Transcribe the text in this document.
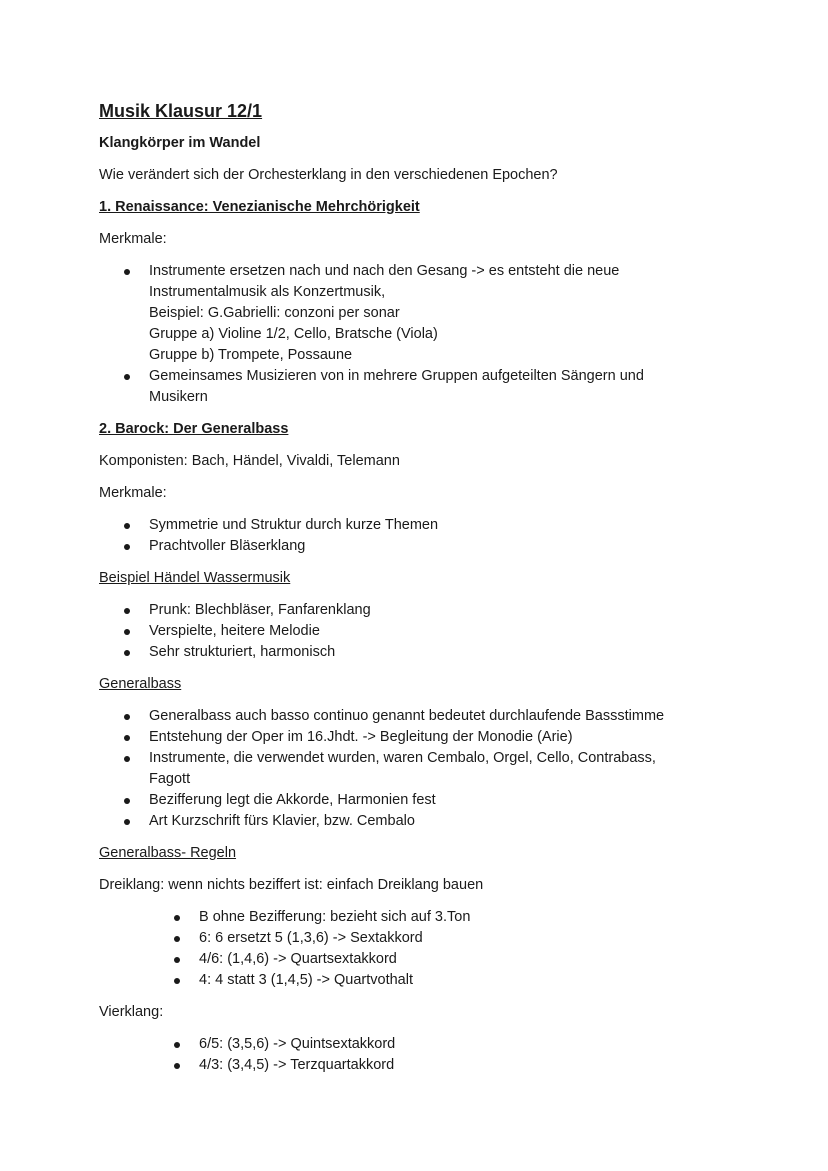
Musik Klausur 12/1

Klangkörper im Wandel

Wie verändert sich der Orchesterklang in den verschiedenen Epochen?

1. Renaissance: Venezianische Mehrchörigkeit

Merkmale:

Instrumente ersetzen nach und nach den Gesang -> es entsteht die neue
Instrumentalmusik als Konzertmusik,
Beispiel: G.Gabrielli: conzoni per sonar
Gruppe a) Violine 1/2, Cello, Bratsche (Viola)
Gruppe b) Trompete, Possaune
Gemeinsames Musizieren von in mehrere Gruppen aufgeteilten Sängern und
Musikern

2. Barock: Der Generalbass

Komponisten: Bach, Händel, Vivaldi, Telemann

Merkmale:

Symmetrie und Struktur durch kurze Themen
Prachtvoller Bläserklang

Beispiel Händel Wassermusik

Prunk: Blechbläser, Fanfarenklang
Verspielte, heitere Melodie
Sehr strukturiert, harmonisch

Generalbass

Generalbass auch basso continuo genannt bedeutet durchlaufende Bassstimme
Entstehung der Oper im 16.Jhdt. -> Begleitung der Monodie (Arie)
Instrumente, die verwendet wurden, waren Cembalo, Orgel, Cello, Contrabass,
Fagott
Bezifferung legt die Akkorde, Harmonien fest
Art Kurzschrift fürs Klavier, bzw. Cembalo

Generalbass- Regeln

Dreiklang: wenn nichts beziffert ist: einfach Dreiklang bauen

B ohne Bezifferung: bezieht sich auf 3.Ton
6: 6 ersetzt 5 (1,3,6) -> Sextakkord
4/6: (1,4,6) -> Quartsextakkord
4: 4 statt 3 (1,4,5) -> Quartvothalt

Vierklang:

6/5: (3,5,6) -> Quintsextakkord
4/3: (3,4,5) -> Terzquartakkord
